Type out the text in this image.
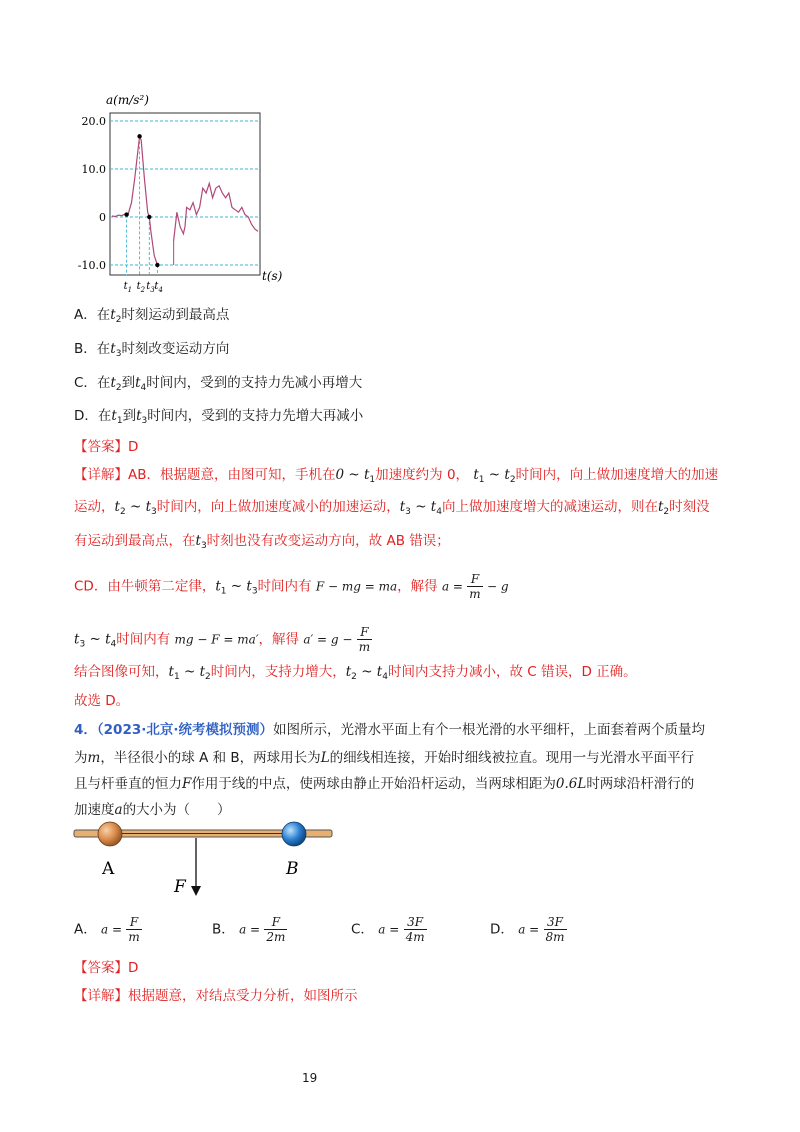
20.0
10.0
0
-10.0
$t_1$ $t_2$ $t_3$ $t_4$
a(m/s²)
t(s)
A．在$t_2$时刻运动到最高点
B．在$t_3$时刻改变运动方向
C．在$t_2$到$t_4$时间内，受到的支持力先减小再增大
D．在$t_1$到$t_3$时间内，受到的支持力先增大再减小
【答案】D
【详解】AB．根据题意，由图可知，手机在0 ~ $t_1$加速度约为 0， $t_1$ ~ $t_2$时间内，向上做加速度增大的加速
运动，$t_2$ ~ $t_3$时间内，向上做加速度减小的加速运动，$t_3$ ~ $t_4$向上做加速度增大的减速运动，则在$t_2$时刻没
有运动到最高点，在$t_3$时刻也没有改变运动方向，故 AB 错误；
CD．由牛顿第二定律，$t_1$ ~ $t_3$时间内有 F − mg = ma，解得 $a = \frac{F}{m} - g$
$t_3$ ~ $t_4$时间内有 mg − F = ma′，解得 $a' = g - \frac{F}{m}$
结合图像可知，$t_1$ ~ $t_2$时间内，支持力增大，$t_2$ ~ $t_4$时间内支持力减小，故 C 错误，D 正确。
故选 D。
4．（2023·北京·统考模拟预测）如图所示，光滑水平面上有个一根光滑的水平细杆，上面套着两个质量均
为m，半径很小的球 A 和 B，两球用长为L的细线相连接，开始时细线被拉直。现用一与光滑水平面平行
且与杆垂直的恒力F作用于线的中点，使两球由静止开始沿杆运动，当两球相距为0.6L时两球沿杆滑行的
加速度a的大小为（　　）
A	B
F
A． $a = \frac{F}{m}$	B． $a = \frac{F}{2m}$	C． $a = \frac{3F}{4m}$	D． $a = \frac{3F}{8m}$
【答案】D
【详解】根据题意，对结点受力分析，如图所示
19
